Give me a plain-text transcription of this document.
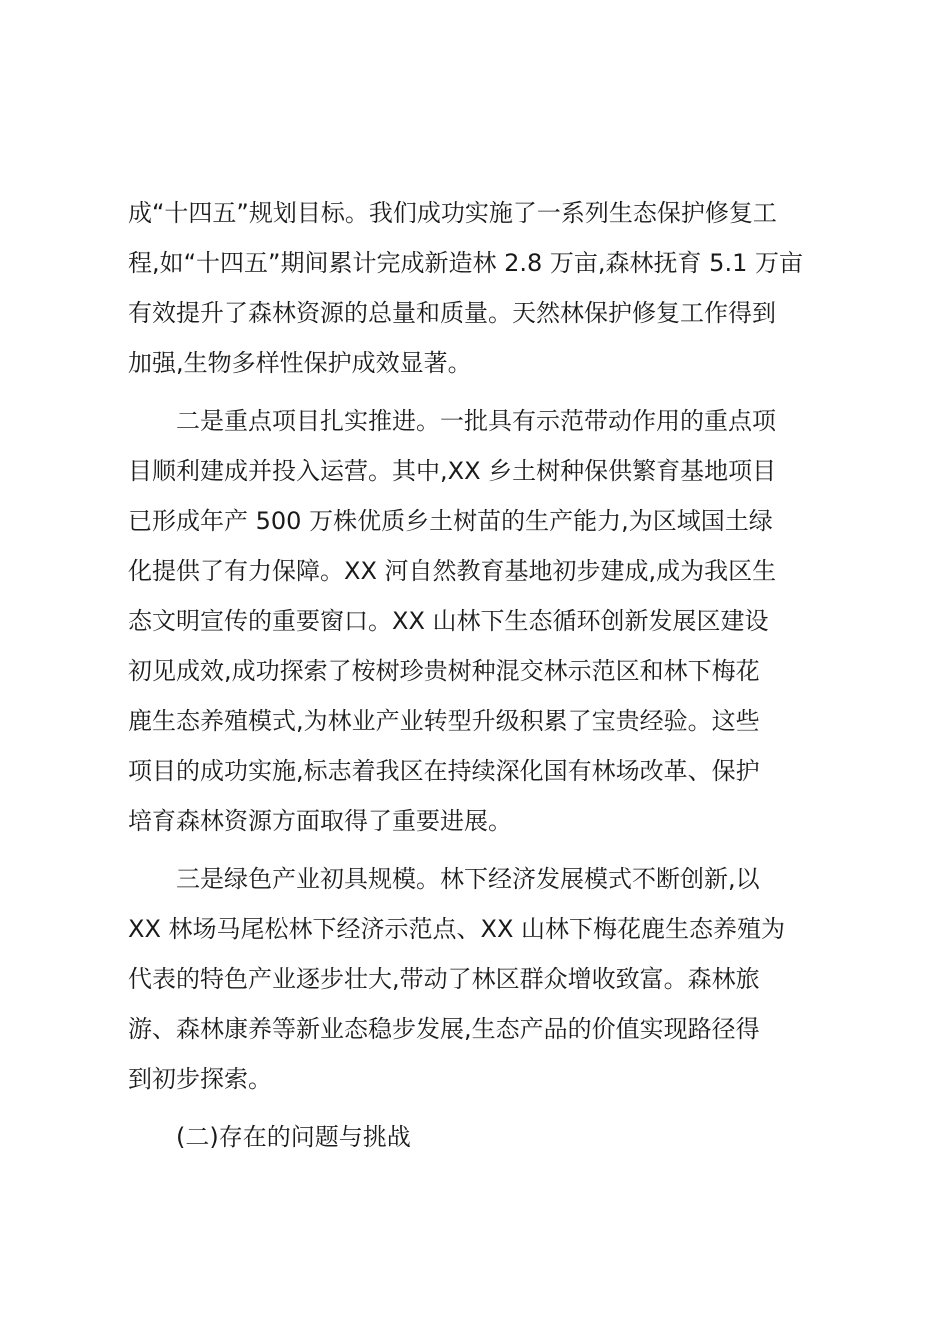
成“十四五”规划目标。我们成功实施了一系列生态保护修复工
程,如“十四五”期间累计完成新造林 2.8 万亩,森林抚育 5.1 万亩
有效提升了森林资源的总量和质量。天然林保护修复工作得到
加强,生物多样性保护成效显著。
　　二是重点项目扎实推进。一批具有示范带动作用的重点项
目顺利建成并投入运营。其中,XX 乡土树种保供繁育基地项目
已形成年产 500 万株优质乡土树苗的生产能力,为区域国土绿
化提供了有力保障。XX 河自然教育基地初步建成,成为我区生
态文明宣传的重要窗口。XX 山林下生态循环创新发展区建设
初见成效,成功探索了桉树珍贵树种混交林示范区和林下梅花
鹿生态养殖模式,为林业产业转型升级积累了宝贵经验。这些
项目的成功实施,标志着我区在持续深化国有林场改革、保护
培育森林资源方面取得了重要进展。
　　三是绿色产业初具规模。林下经济发展模式不断创新,以
XX 林场马尾松林下经济示范点、XX 山林下梅花鹿生态养殖为
代表的特色产业逐步壮大,带动了林区群众增收致富。森林旅
游、森林康养等新业态稳步发展,生态产品的价值实现路径得
到初步探索。
　　(二)存在的问题与挑战
